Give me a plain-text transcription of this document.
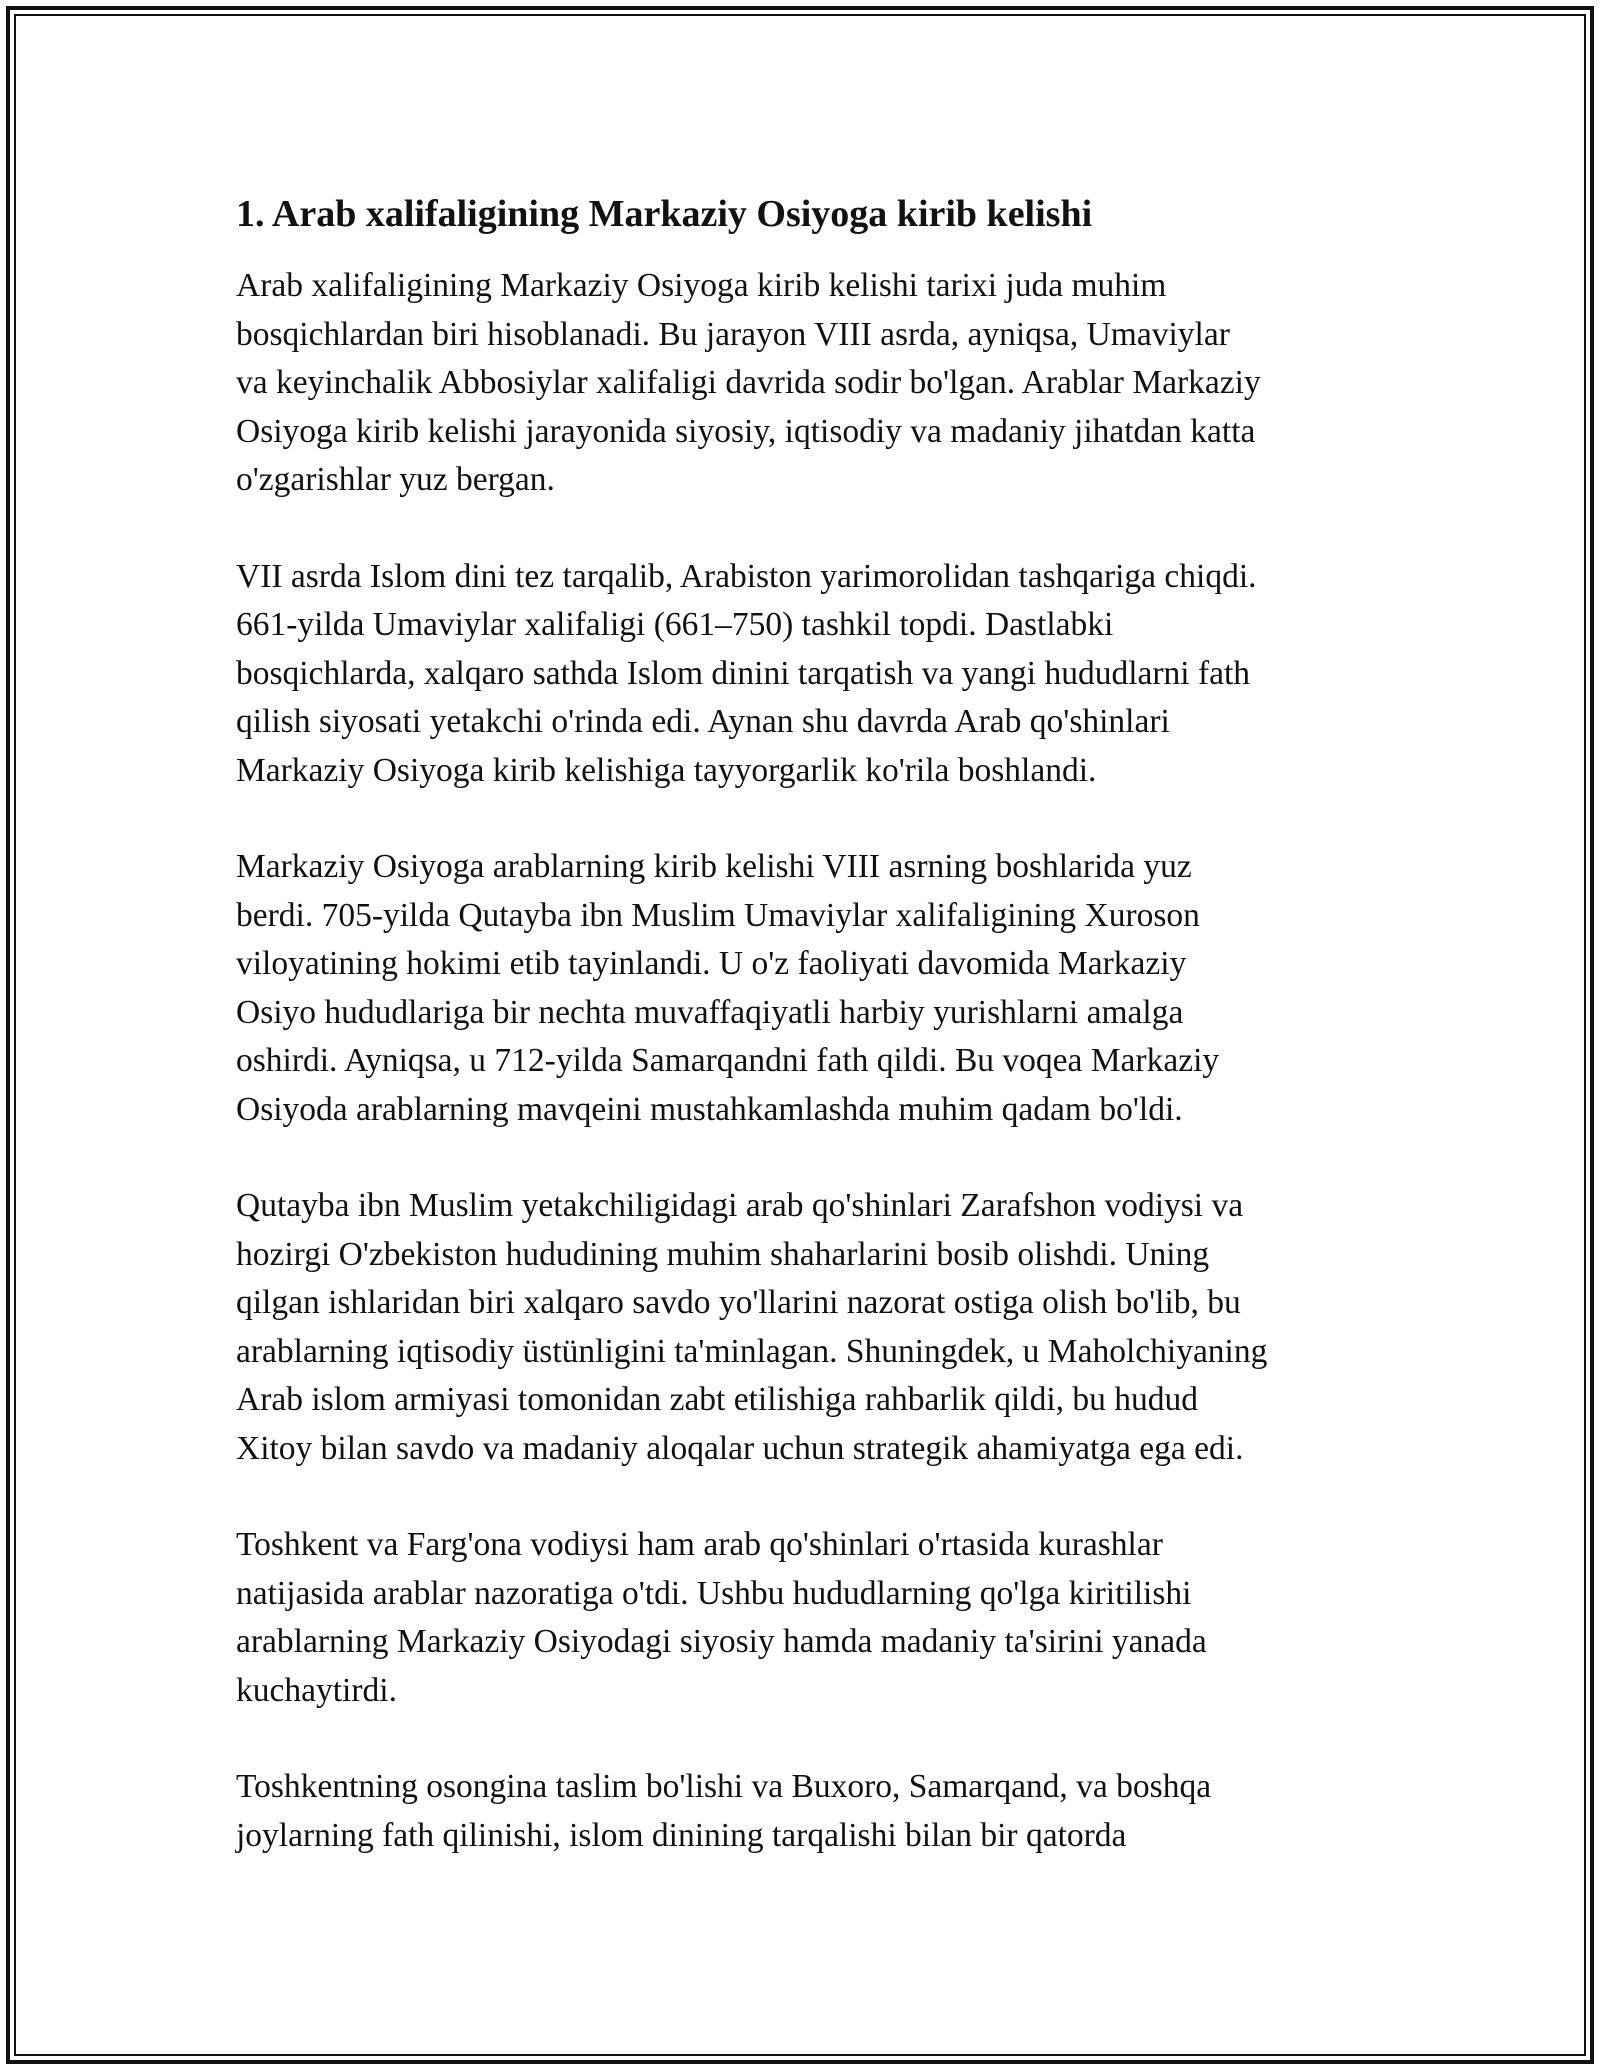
1. Arab xalifaligining Markaziy Osiyoga kirib kelishi

Arab xalifaligining Markaziy Osiyoga kirib kelishi tarixi juda muhim
bosqichlardan biri hisoblanadi. Bu jarayon VIII asrda, ayniqsa, Umaviylar
va keyinchalik Abbosiylar xalifaligi davrida sodir bo'lgan. Arablar Markaziy
Osiyoga kirib kelishi jarayonida siyosiy, iqtisodiy va madaniy jihatdan katta
o'zgarishlar yuz bergan.

VII asrda Islom dini tez tarqalib, Arabiston yarimorolidan tashqariga chiqdi.
661-yilda Umaviylar xalifaligi (661–750) tashkil topdi. Dastlabki
bosqichlarda, xalqaro sathda Islom dinini tarqatish va yangi hududlarni fath
qilish siyosati yetakchi o'rinda edi. Aynan shu davrda Arab qo'shinlari
Markaziy Osiyoga kirib kelishiga tayyorgarlik ko'rila boshlandi.

Markaziy Osiyoga arablarning kirib kelishi VIII asrning boshlarida yuz
berdi. 705-yilda Qutayba ibn Muslim Umaviylar xalifaligining Xuroson
viloyatining hokimi etib tayinlandi. U o'z faoliyati davomida Markaziy
Osiyo hududlariga bir nechta muvaffaqiyatli harbiy yurishlarni amalga
oshirdi. Ayniqsa, u 712-yilda Samarqandni fath qildi. Bu voqea Markaziy
Osiyoda arablarning mavqeini mustahkamlashda muhim qadam bo'ldi.

Qutayba ibn Muslim yetakchiligidagi arab qo'shinlari Zarafshon vodiysi va
hozirgi O'zbekiston hududining muhim shaharlarini bosib olishdi. Uning
qilgan ishlaridan biri xalqaro savdo yo'llarini nazorat ostiga olish bo'lib, bu
arablarning iqtisodiy üstünligini ta'minlagan. Shuningdek, u Maholchiyaning
Arab islom armiyasi tomonidan zabt etilishiga rahbarlik qildi, bu hudud
Xitoy bilan savdo va madaniy aloqalar uchun strategik ahamiyatga ega edi.

Toshkent va Farg'ona vodiysi ham arab qo'shinlari o'rtasida kurashlar
natijasida arablar nazoratiga o'tdi. Ushbu hududlarning qo'lga kiritilishi
arablarning Markaziy Osiyodagi siyosiy hamda madaniy ta'sirini yanada
kuchaytirdi.

Toshkentning osongina taslim bo'lishi va Buxoro, Samarqand, va boshqa
joylarning fath qilinishi, islom dinining tarqalishi bilan bir qatorda
